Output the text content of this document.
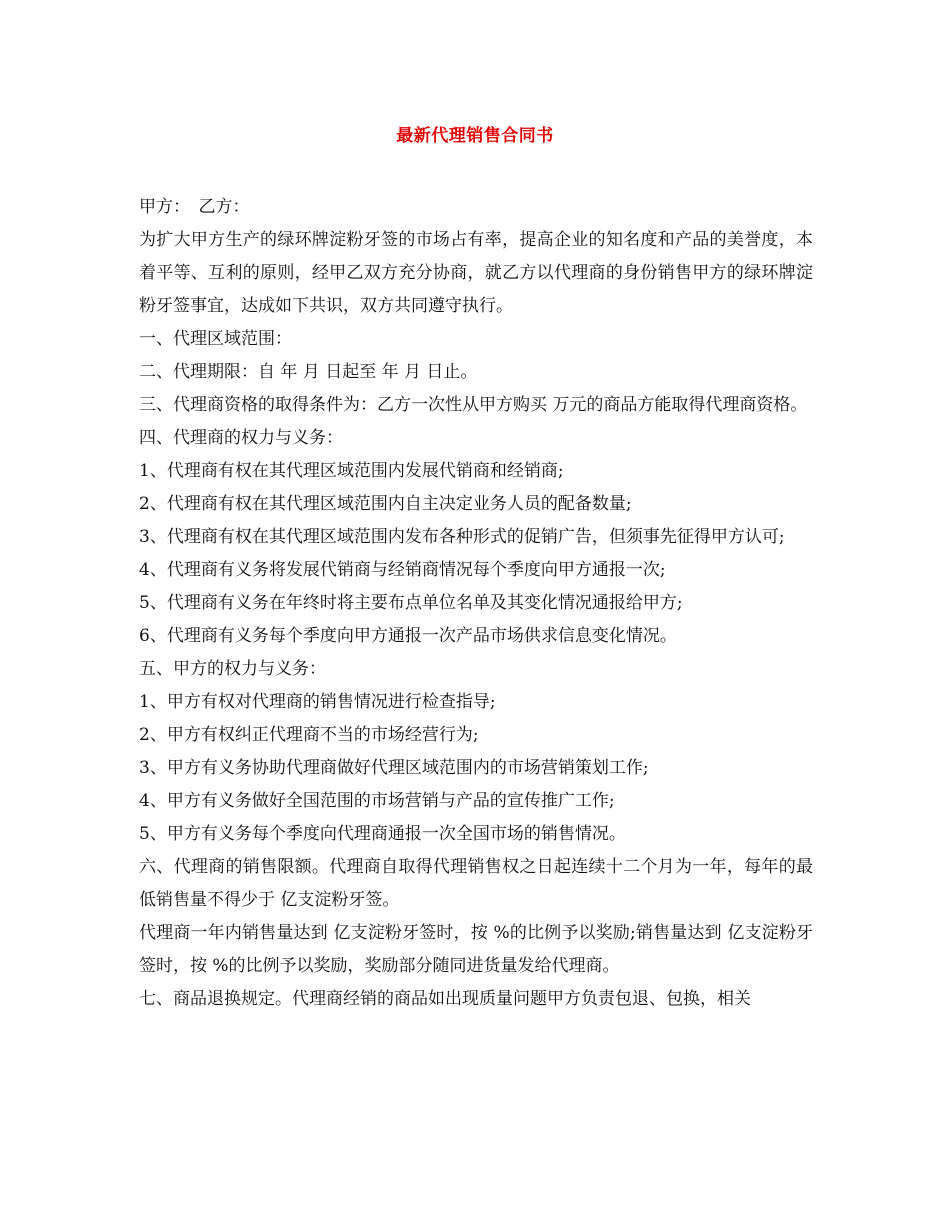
最新代理销售合同书

甲方：　乙方：

为扩大甲方生产的绿环牌淀粉牙签的市场占有率，提高企业的知名度和产品的美誉度，本着平等、互利的原则，经甲乙双方充分协商，就乙方以代理商的身份销售甲方的绿环牌淀粉牙签事宜，达成如下共识，双方共同遵守执行。

一、代理区域范围：

二、代理期限：自 年 月 日起至 年 月 日止。

三、代理商资格的取得条件为：乙方一次性从甲方购买 万元的商品方能取得代理商资格。

四、代理商的权力与义务：

1、代理商有权在其代理区域范围内发展代销商和经销商;

2、代理商有权在其代理区域范围内自主决定业务人员的配备数量;

3、代理商有权在其代理区域范围内发布各种形式的促销广告，但须事先征得甲方认可;

4、代理商有义务将发展代销商与经销商情况每个季度向甲方通报一次;

5、代理商有义务在年终时将主要布点单位名单及其变化情况通报给甲方;

6、代理商有义务每个季度向甲方通报一次产品市场供求信息变化情况。

五、甲方的权力与义务：

1、甲方有权对代理商的销售情况进行检查指导;

2、甲方有权纠正代理商不当的市场经营行为;

3、甲方有义务协助代理商做好代理区域范围内的市场营销策划工作;

4、甲方有义务做好全国范围的市场营销与产品的宣传推广工作;

5、甲方有义务每个季度向代理商通报一次全国市场的销售情况。

六、代理商的销售限额。代理商自取得代理销售权之日起连续十二个月为一年，每年的最低销售量不得少于 亿支淀粉牙签。

代理商一年内销售量达到 亿支淀粉牙签时，按 %的比例予以奖励;销售量达到 亿支淀粉牙签时，按 %的比例予以奖励，奖励部分随同进货量发给代理商。

七、商品退换规定。代理商经销的商品如出现质量问题甲方负责包退、包换，相关
